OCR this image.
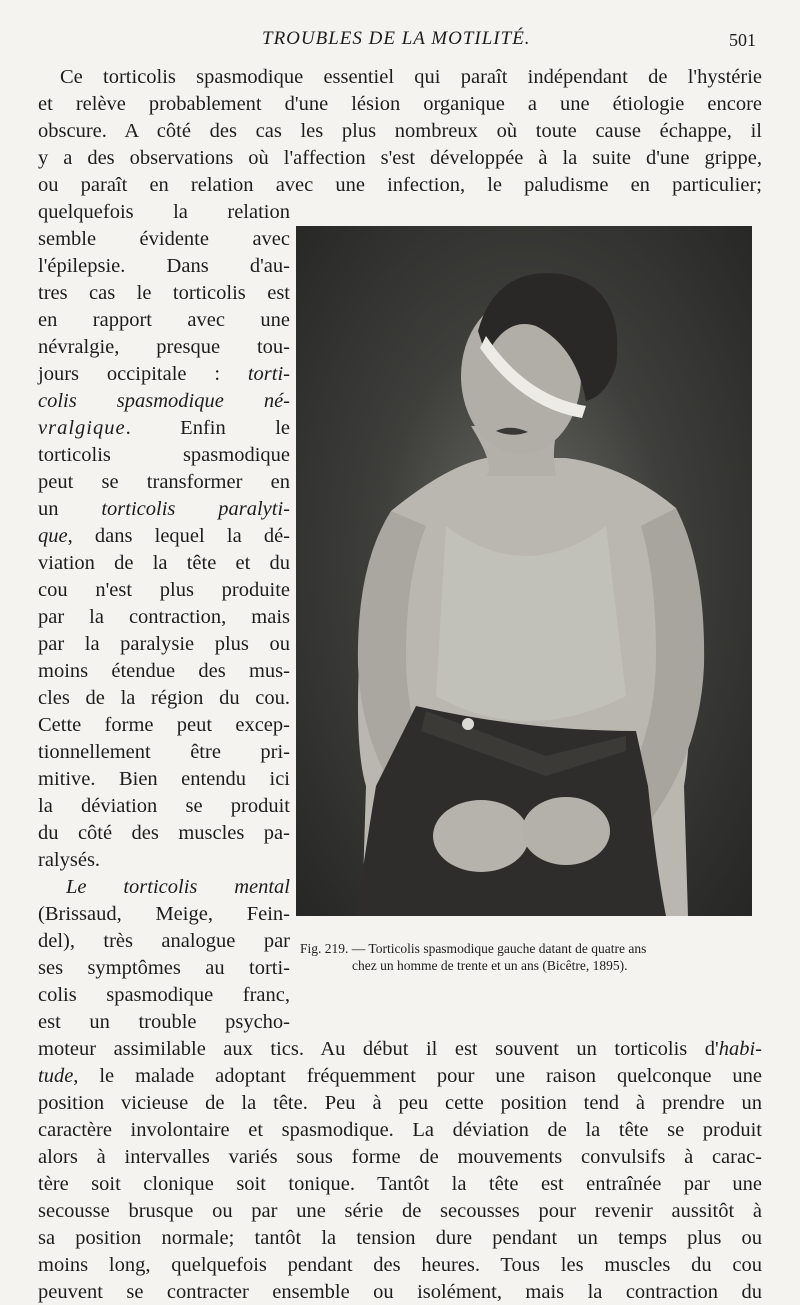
TROUBLES DE LA MOTILITÉ.	501
Ce torticolis spasmodique essentiel qui paraît indépendant de l'hystérie
et relève probablement d'une lésion organique a une étiologie encore
obscure. A côté des cas les plus nombreux où toute cause échappe, il
y a des observations où l'affection s'est développée à la suite d'une grippe,
ou paraît en relation avec une infection, le paludisme en particulier;
quelquefois la relation
semble évidente avec
l'épilepsie. Dans d'au-
tres cas le torticolis est
en rapport avec une
névralgie, presque tou-
jours occipitale : torti-
colis spasmodique né-
vralgique. Enfin le
torticolis spasmodique
peut se transformer en
un torticolis paralyti-
que, dans lequel la dé-
viation de la tête et du
cou n'est plus produite
par la contraction, mais
par la paralysie plus ou
moins étendue des mus-
cles de la région du cou.
Cette forme peut excep-
tionnellement être pri-
mitive. Bien entendu ici
la déviation se produit
du côté des muscles pa-
ralysés.
Le torticolis mental
(Brissaud, Meige, Fein-
del), très analogue par
ses symptômes au torti-
colis spasmodique franc,
est un trouble psycho-
moteur assimilable aux tics. Au début il est souvent un torticolis d'habi-
tude, le malade adoptant fréquemment pour une raison quelconque une
position vicieuse de la tête. Peu à peu cette position tend à prendre un
caractère involontaire et spasmodique. La déviation de la tête se produit
alors à intervalles variés sous forme de mouvements convulsifs à carac-
tère soit clonique soit tonique. Tantôt la tête est entraînée par une
secousse brusque ou par une série de secousses pour revenir aussitôt à
sa position normale; tantôt la tension dure pendant un temps plus ou
moins long, quelquefois pendant des heures. Tous les muscles du cou
peuvent se contracter ensemble ou isolément, mais la contraction du
Fig. 219. — Torticolis spasmodique gauche datant de quatre ans
chez un homme de trente et un ans (Bicêtre, 1895).
